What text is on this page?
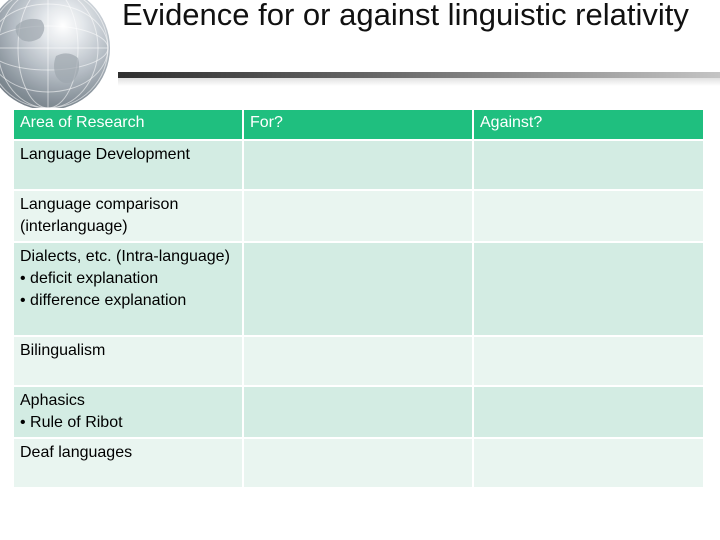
Evidence for or against linguistic relativity
Area of Research	For?	Against?

Language Development		

Language comparison
(interlanguage)		

Dialects, etc. (Intra-language)
• deficit explanation
• difference explanation

Bilingualism		

Aphasics
• Rule of Ribot

Deaf languages		
